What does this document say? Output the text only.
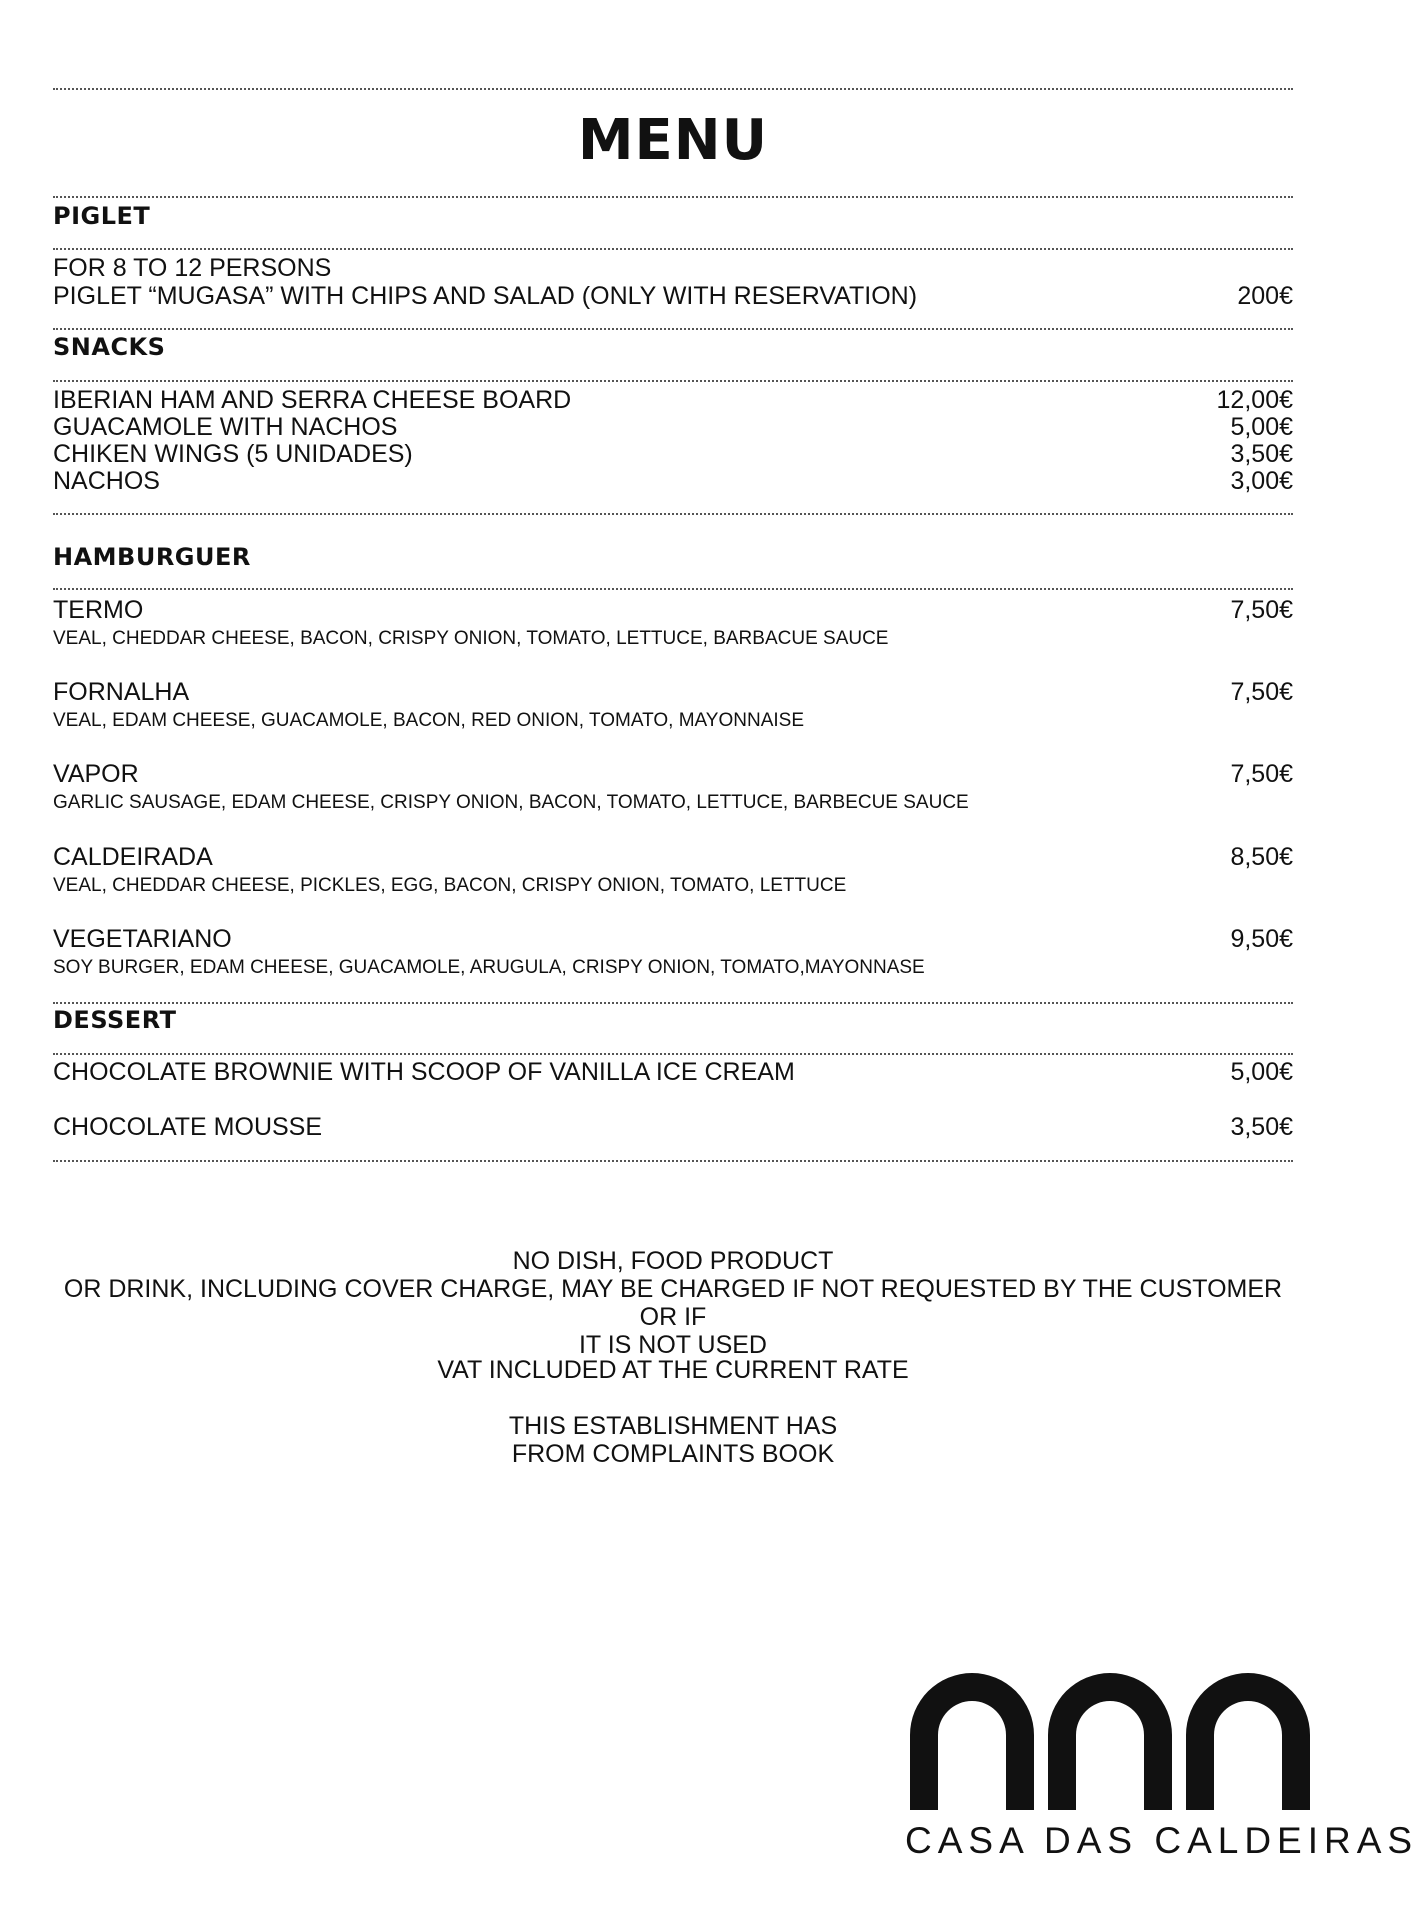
MENU
PIGLET
FOR 8 TO 12 PERSONS
PIGLET “MUGASA” WITH CHIPS AND SALAD (ONLY WITH RESERVATION)	200€
SNACKS
IBERIAN HAM AND SERRA CHEESE BOARD	12,00€
GUACAMOLE WITH NACHOS	5,00€
CHIKEN WINGS (5 UNIDADES)	3,50€
NACHOS	3,00€
HAMBURGUER
TERMO	7,50€
VEAL, CHEDDAR CHEESE, BACON, CRISPY ONION, TOMATO, LETTUCE, BARBACUE SAUCE
FORNALHA	7,50€
VEAL, EDAM CHEESE, GUACAMOLE, BACON, RED ONION, TOMATO, MAYONNAISE
VAPOR	7,50€
GARLIC SAUSAGE, EDAM CHEESE, CRISPY ONION, BACON, TOMATO, LETTUCE, BARBECUE SAUCE
CALDEIRADA	8,50€
VEAL, CHEDDAR CHEESE, PICKLES, EGG, BACON, CRISPY ONION, TOMATO, LETTUCE
VEGETARIANO	9,50€
SOY BURGER, EDAM CHEESE, GUACAMOLE, ARUGULA, CRISPY ONION, TOMATO,MAYONNASE
DESSERT
CHOCOLATE BROWNIE WITH SCOOP OF VANILLA ICE CREAM	5,00€
CHOCOLATE MOUSSE	3,50€
NO DISH, FOOD PRODUCT
OR DRINK, INCLUDING COVER CHARGE, MAY BE CHARGED IF NOT REQUESTED BY THE CUSTOMER OR IF
IT IS NOT USED
VAT INCLUDED AT THE CURRENT RATE
THIS ESTABLISHMENT HAS
FROM COMPLAINTS BOOK
CASA DAS CALDEIRAS
